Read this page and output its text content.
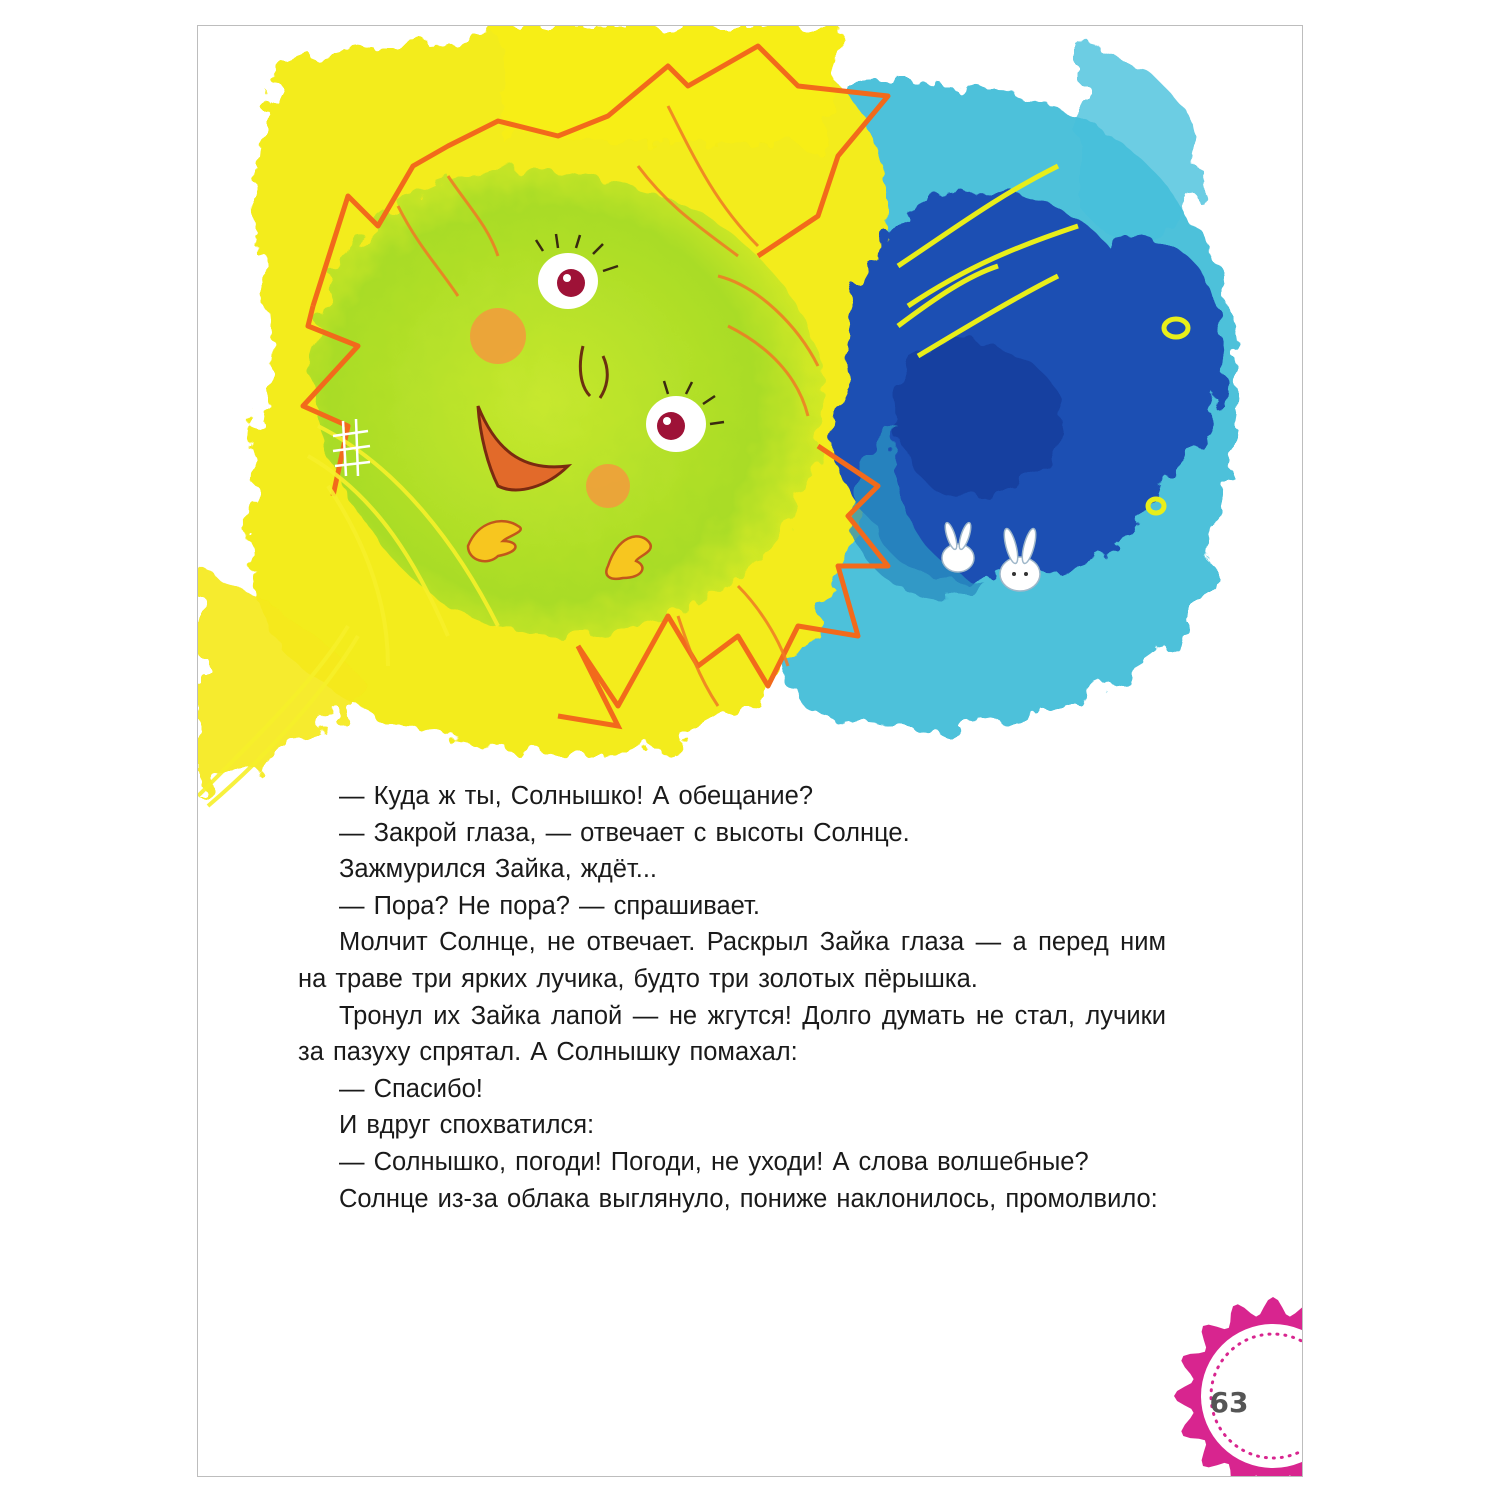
— Куда ж ты, Солнышко! А обещание?

— Закрой глаза, — отвечает с высоты Солнце.

Зажмурился Зайка, ждёт...

— Пора? Не пора? — спрашивает.

Молчит Солнце, не отвечает. Раскрыл Зайка глаза — а перед ним на траве три ярких лучика, будто три золотых пёрышка.

Тронул их Зайка лапой — не жгутся! Долго думать не стал, лучики за пазуху спрятал. А Солнышку помахал:

— Спасибо!

И вдруг спохватился:

— Солнышко, погоди! Погоди, не уходи! А слова волшебные?

Солнце из-за облака выглянуло, пониже наклонилось, промолвило:

63
